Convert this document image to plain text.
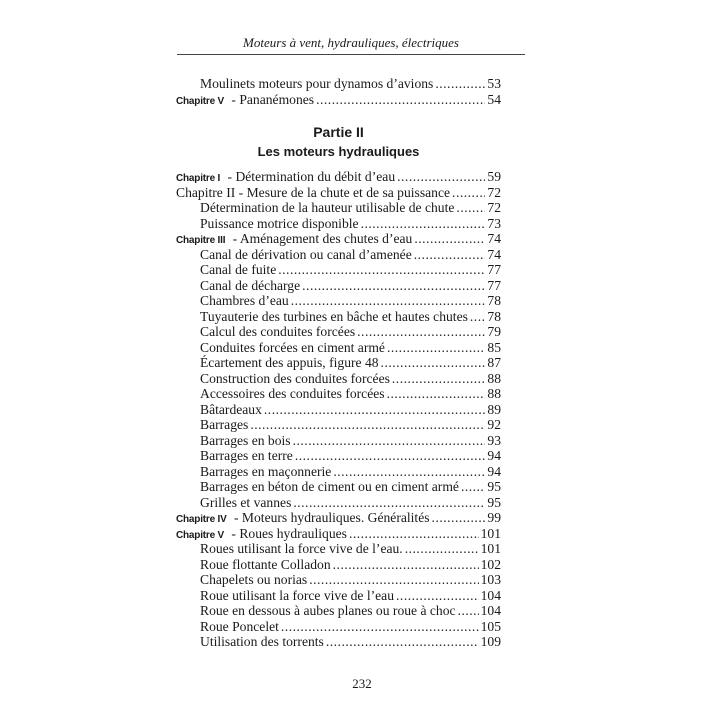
Moteurs à vent, hydrauliques, électriques
Moulinets moteurs pour dynamos d’avions .....	53
Chapitre V - Pananémones .....	54
Partie II
Les moteurs hydrauliques
Chapitre I - Détermination du débit d’eau .....	59
Chapitre II - Mesure de la chute et de sa puissance .....	72
Détermination de la hauteur utilisable de chute ..... 72
Puissance motrice disponible .....	73
Chapitre III - Aménagement des chutes d’eau .....	74
Canal de dérivation ou canal d’amenée .....	74
Canal de fuite .....	77
Canal de décharge .....	77
Chambres d’eau .....	78
Tuyauterie des turbines en bâche et hautes chutes ..... 78
Calcul des conduites forcées .....	79
Conduites forcées en ciment armé .....	85
Écartement des appuis, figure 48 .....	87
Construction des conduites forcées .....	88
Accessoires des conduites forcées .....	88
Bâtardeaux .....	89
Barrages .....	92
Barrages en bois .....	93
Barrages en terre .....	94
Barrages en maçonnerie .....	94
Barrages en béton de ciment ou en ciment armé ..... 95
Grilles et vannes .....	95
Chapitre IV - Moteurs hydrauliques. Généralités .....	99
Chapitre V - Roues hydrauliques .....	101
Roues utilisant la force vive de l’eau. .....	101
Roue flottante Colladon .....	102
Chapelets ou norias .....	103
Roue utilisant la force vive de l’eau .....	104
Roue en dessous à aubes planes ou roue à choc ..... 104
Roue Poncelet .....	105
Utilisation des torrents .....	109
232
